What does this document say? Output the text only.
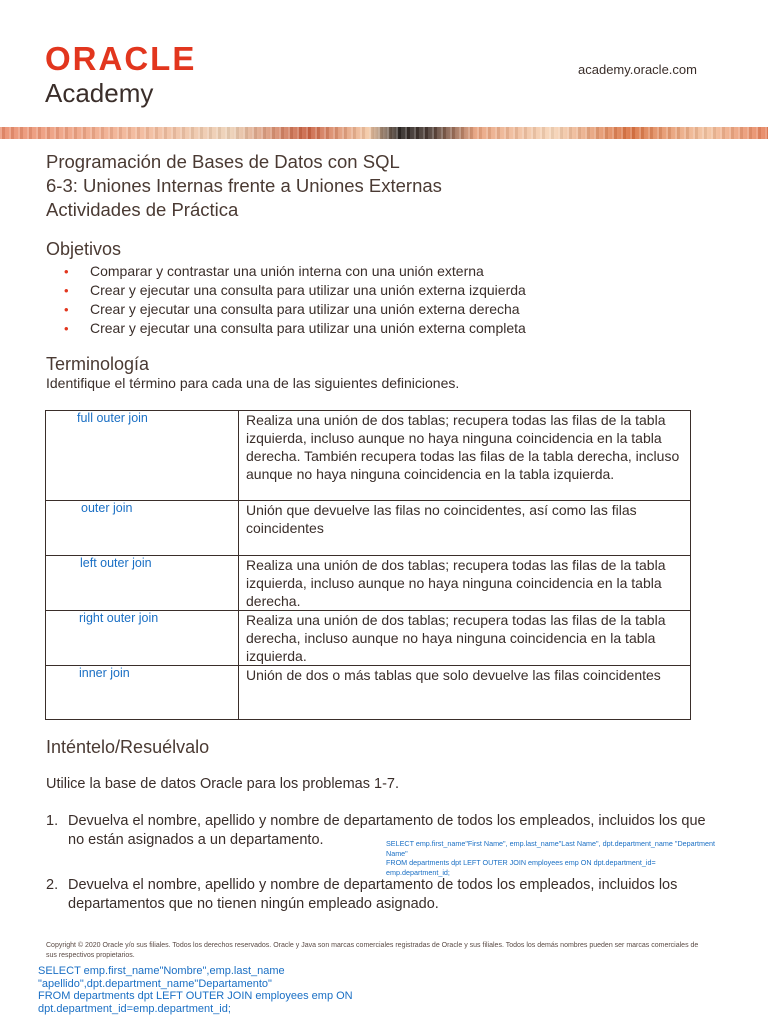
ORACLE
Academy
academy.oracle.com
Programación de Bases de Datos con SQL
6-3: Uniones Internas frente a Uniones Externas
Actividades de Práctica
Objetivos
• Comparar y contrastar una unión interna con una unión externa
• Crear y ejecutar una consulta para utilizar una unión externa izquierda
• Crear y ejecutar una consulta para utilizar una unión externa derecha
• Crear y ejecutar una consulta para utilizar una unión externa completa
Terminología
Identifique el término para cada una de las siguientes definiciones.
full outer join	Realiza una unión de dos tablas; recupera todas las filas de la tabla izquierda, incluso aunque no haya ninguna coincidencia en la tabla derecha. También recupera todas las filas de la tabla derecha, incluso aunque no haya ninguna coincidencia en la tabla izquierda.

outer join	Unión que devuelve las filas no coincidentes, así como las filas coincidentes

left outer join	Realiza una unión de dos tablas; recupera todas las filas de la tabla izquierda, incluso aunque no haya ninguna coincidencia en la tabla derecha.

right outer join	Realiza una unión de dos tablas; recupera todas las filas de la tabla derecha, incluso aunque no haya ninguna coincidencia en la tabla izquierda.

inner join	Unión de dos o más tablas que solo devuelve las filas coincidentes
Inténtelo/Resuélvalo
Utilice la base de datos Oracle para los problemas 1-7.
1. Devuelva el nombre, apellido y nombre de departamento de todos los empleados, incluidos los que no están asignados a un departamento.	SELECT emp.first_name"First Name", emp.last_name"Last Name", dpt.department_name "Department
Name"
FROM departments dpt LEFT OUTER JOIN employees emp ON dpt.department_id=
emp.department_id;
2. Devuelva el nombre, apellido y nombre de departamento de todos los empleados, incluidos los departamentos que no tienen ningún empleado asignado.
Copyright © 2020 Oracle y/o sus filiales. Todos los derechos reservados. Oracle y Java son marcas comerciales registradas de Oracle y sus filiales. Todos los demás nombres pueden ser marcas comerciales de sus respectivos propietarios.
SELECT emp.first_name"Nombre",emp.last_name
"apellido",dpt.department_name"Departamento"
FROM departments dpt LEFT OUTER JOIN employees emp ON
dpt.department_id=emp.department_id;
